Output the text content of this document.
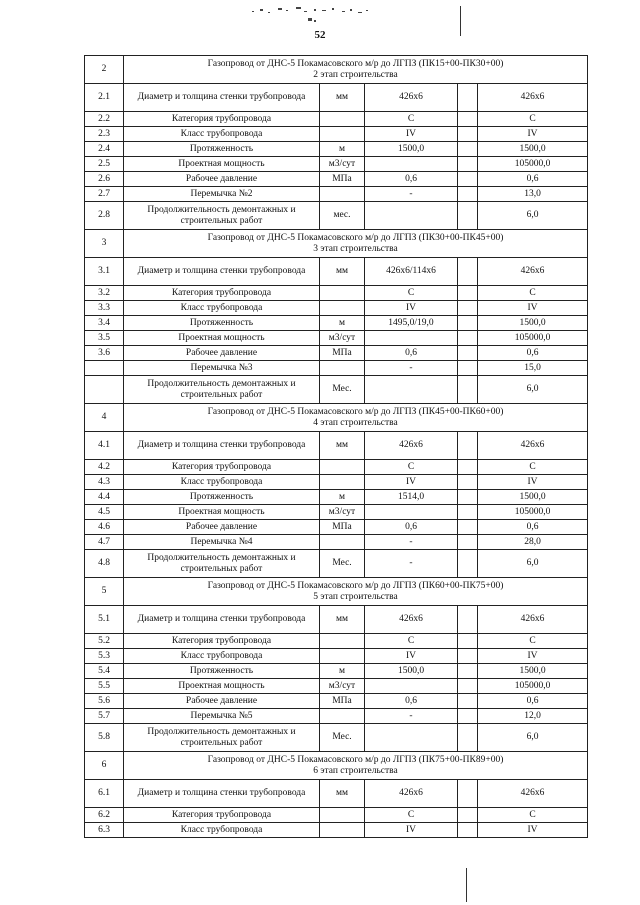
52
2	Газопровод от ДНС-5 Покамасовского м/р до ЛГПЗ (ПК15+00-ПК30+00)
2 этап строительства				

2.1	Диаметр и толщина стенки трубопровода	мм	426х6		426х6
2.2	Категория трубопровода		С		С
2.3	Класс трубопровода		IV		IV
2.4	Протяженность	м	1500,0		1500,0
2.5	Проектная мощность	м3/сут			105000,0
2.6	Рабочее давление	МПа	0,6		0,6
2.7	Перемычка №2		-		13,0
2.8	Продолжительность демонтажных и строительных работ	мес.			6,0
3	Газопровод от ДНС-5 Покамасовского м/р до ЛГПЗ (ПК30+00-ПК45+00)
3 этап строительства				

3.1	Диаметр и толщина стенки трубопровода	мм	426х6/114х6		426х6
3.2	Категория трубопровода		С		С
3.3	Класс трубопровода		IV		IV
3.4	Протяженность	м	1495,0/19,0		1500,0
3.5	Проектная мощность	м3/сут			105000,0
3.6	Рабочее давление	МПа	0,6		0,6
	Перемычка №3		-		15,0
	Продолжительность демонтажных и строительных работ	Мес.			6,0
4	Газопровод от ДНС-5 Покамасовского м/р до ЛГПЗ (ПК45+00-ПК60+00)
4 этап строительства				

4.1	Диаметр и толщина стенки трубопровода	мм	426х6		426х6
4.2	Категория трубопровода		С		С
4.3	Класс трубопровода		IV		IV
4.4	Протяженность	м	1514,0		1500,0
4.5	Проектная мощность	м3/сут			105000,0
4.6	Рабочее давление	МПа	0,6		0,6
4.7	Перемычка №4		-		28,0
4.8	Продолжительность демонтажных и строительных работ	Мес.	-		6,0
5	Газопровод от ДНС-5 Покамасовского м/р до ЛГПЗ (ПК60+00-ПК75+00)
5 этап строительства				

5.1	Диаметр и толщина стенки трубопровода	мм	426х6		426х6
5.2	Категория трубопровода		С		С
5.3	Класс трубопровода		IV		IV
5.4	Протяженность	м	1500,0		1500,0
5.5	Проектная мощность	м3/сут			105000,0
5.6	Рабочее давление	МПа	0,6		0,6
5.7	Перемычка №5		-		12,0
5.8	Продолжительность демонтажных и строительных работ	Мес.			6,0
6	Газопровод от ДНС-5 Покамасовского м/р до ЛГПЗ (ПК75+00-ПК89+00)
6 этап строительства				

6.1	Диаметр и толщина стенки трубопровода	мм	426х6		426х6
6.2	Категория трубопровода		С		С
6.3	Класс трубопровода		IV		IV
